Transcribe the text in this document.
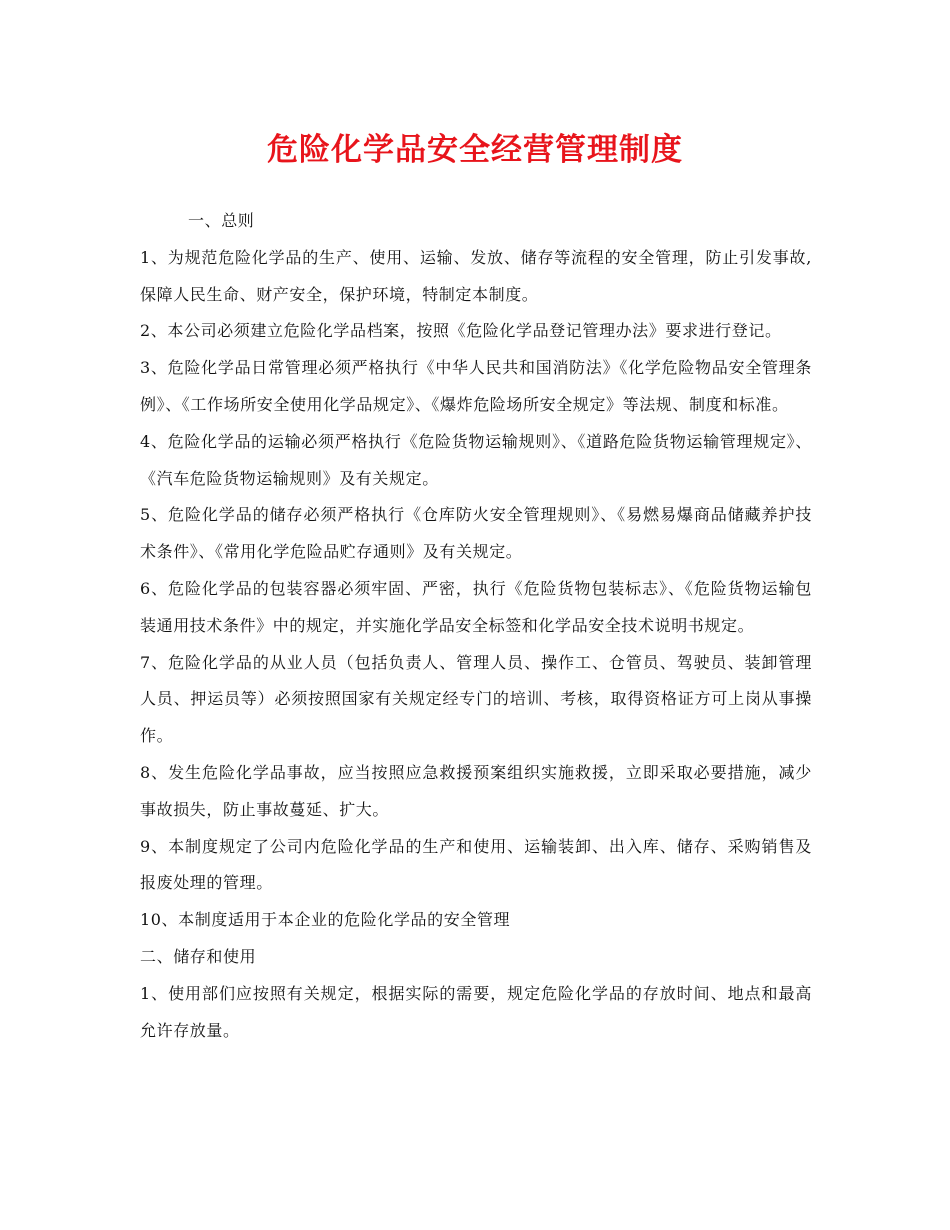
危险化学品安全经营管理制度

一、总则

1、为规范危险化学品的生产、使用、运输、发放、储存等流程的安全管理，防止引发事故,保障人民生命、财产安全，保护环境，特制定本制度。

2、本公司必须建立危险化学品档案，按照《危险化学品登记管理办法》要求进行登记。

3、危险化学品日常管理必须严格执行《中华人民共和国消防法》《化学危险物品安全管理条例》、《工作场所安全使用化学品规定》、《爆炸危险场所安全规定》等法规、制度和标准。

4、危险化学品的运输必须严格执行《危险货物运输规则》、《道路危险货物运输管理规定》、《汽车危险货物运输规则》及有关规定。

5、危险化学品的储存必须严格执行《仓库防火安全管理规则》、《易燃易爆商品储藏养护技术条件》、《常用化学危险品贮存通则》及有关规定。

6、危险化学品的包装容器必须牢固、严密，执行《危险货物包装标志》、《危险货物运输包装通用技术条件》中的规定，并实施化学品安全标签和化学品安全技术说明书规定。

7、危险化学品的从业人员（包括负责人、管理人员、操作工、仓管员、驾驶员、装卸管理人员、押运员等）必须按照国家有关规定经专门的培训、考核，取得资格证方可上岗从事操作。

8、发生危险化学品事故，应当按照应急救援预案组织实施救援，立即采取必要措施，减少事故损失，防止事故蔓延、扩大。

9、本制度规定了公司内危险化学品的生产和使用、运输装卸、出入库、储存、采购销售及报废处理的管理。

10、本制度适用于本企业的危险化学品的安全管理

二、储存和使用

1、使用部们应按照有关规定，根据实际的需要，规定危险化学品的存放时间、地点和最高允许存放量。
